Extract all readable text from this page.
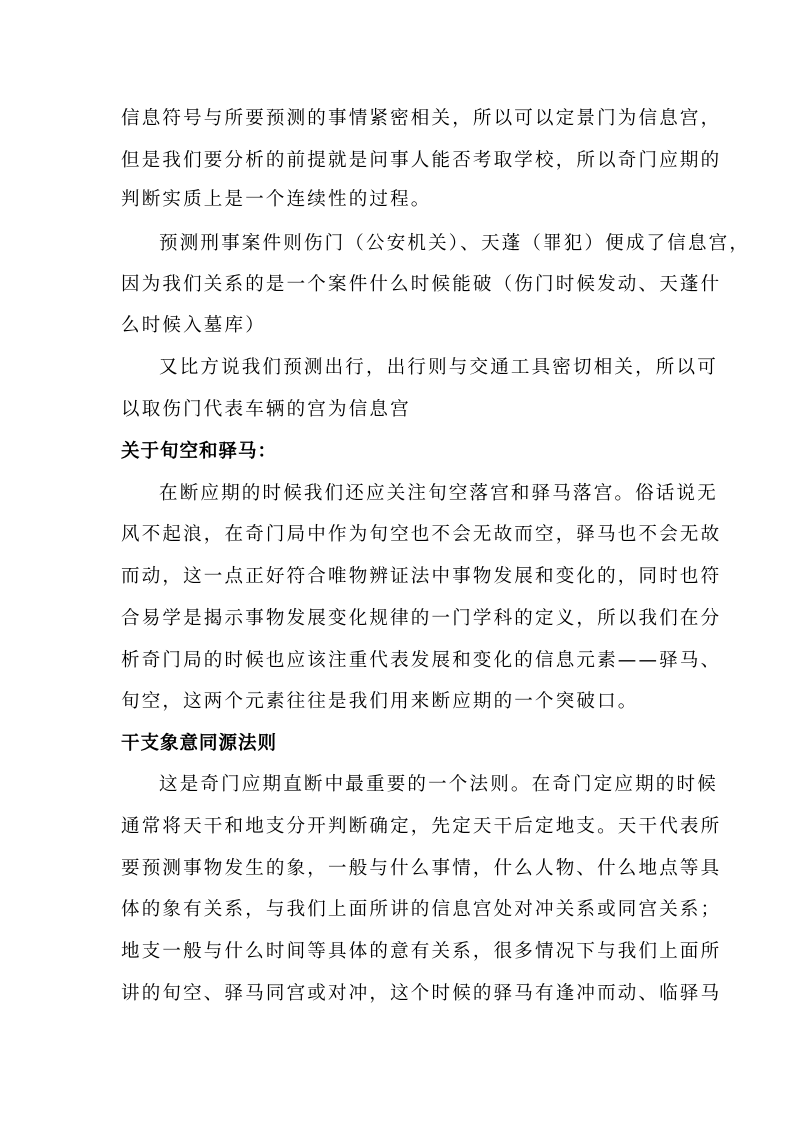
信息符号与所要预测的事情紧密相关，所以可以定景门为信息宫，
但是我们要分析的前提就是问事人能否考取学校，所以奇门应期的
判断实质上是一个连续性的过程。
预测刑事案件则伤门（公安机关）、天蓬（罪犯）便成了信息宫，
因为我们关系的是一个案件什么时候能破（伤门时候发动、天蓬什
么时候入墓库）
又比方说我们预测出行，出行则与交通工具密切相关，所以可
以取伤门代表车辆的宫为信息宫
关于旬空和驿马：
在断应期的时候我们还应关注旬空落宫和驿马落宫。俗话说无
风不起浪，在奇门局中作为旬空也不会无故而空，驿马也不会无故
而动，这一点正好符合唯物辨证法中事物发展和变化的，同时也符
合易学是揭示事物发展变化规律的一门学科的定义，所以我们在分
析奇门局的时候也应该注重代表发展和变化的信息元素——驿马、
旬空，这两个元素往往是我们用来断应期的一个突破口。
干支象意同源法则
这是奇门应期直断中最重要的一个法则。在奇门定应期的时候
通常将天干和地支分开判断确定，先定天干后定地支。天干代表所
要预测事物发生的象，一般与什么事情，什么人物、什么地点等具
体的象有关系，与我们上面所讲的信息宫处对冲关系或同宫关系；
地支一般与什么时间等具体的意有关系，很多情况下与我们上面所
讲的旬空、驿马同宫或对冲，这个时候的驿马有逢冲而动、临驿马
